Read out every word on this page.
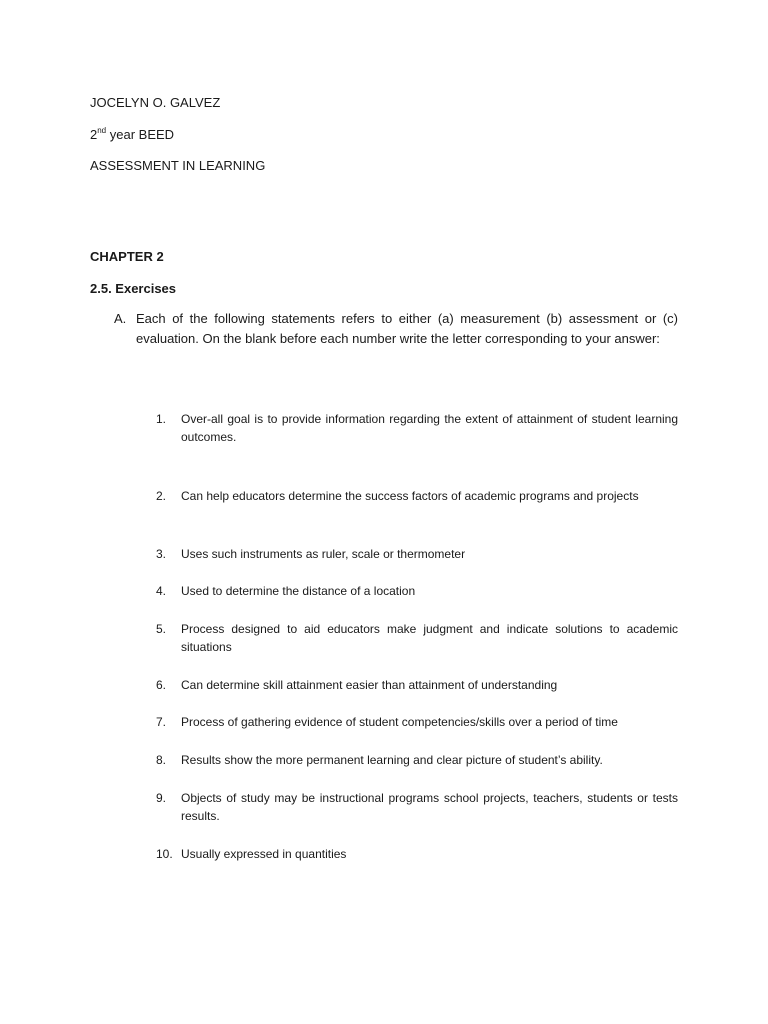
JOCELYN O. GALVEZ
2nd year BEED
ASSESSMENT IN LEARNING
CHAPTER 2
2.5. Exercises
A. Each of the following statements refers to either (a) measurement (b) assessment or (c) evaluation. On the blank before each number write the letter corresponding to your answer:
1.	Over-all goal is to provide information regarding the extent of attainment of student learning outcomes.
2.	Can help educators determine the success factors of academic programs and projects
3.	Uses such instruments as ruler, scale or thermometer
4.	Used to determine the distance of a location
5.	Process designed to aid educators make judgment and indicate solutions to academic situations
6.	Can determine skill attainment easier than attainment of understanding
7.	Process of gathering evidence of student competencies/skills over a period of time
8.	Results show the more permanent learning and clear picture of student’s ability.
9.	Objects of study may be instructional programs school projects, teachers, students or tests results.
10. Usually expressed in quantities
